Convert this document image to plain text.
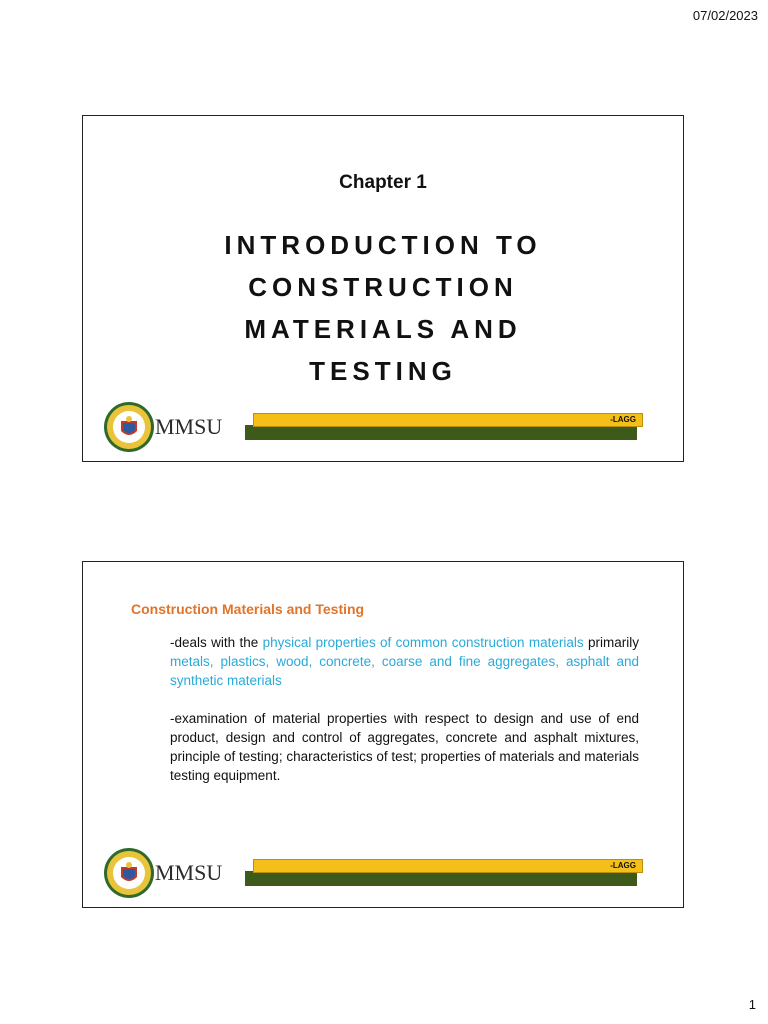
07/02/2023
Chapter 1
INTRODUCTION TO
CONSTRUCTION
MATERIALS AND
TESTING
MMSU	-LAGG
Construction Materials and Testing
-deals with the physical properties of common construction materials primarily metals, plastics, wood, concrete, coarse and fine aggregates, asphalt and synthetic materials
-examination of material properties with respect to design and use of end product, design and control of aggregates, concrete and asphalt mixtures, principle of testing; characteristics of test; properties of materials and materials testing equipment.
MMSU	-LAGG
1
